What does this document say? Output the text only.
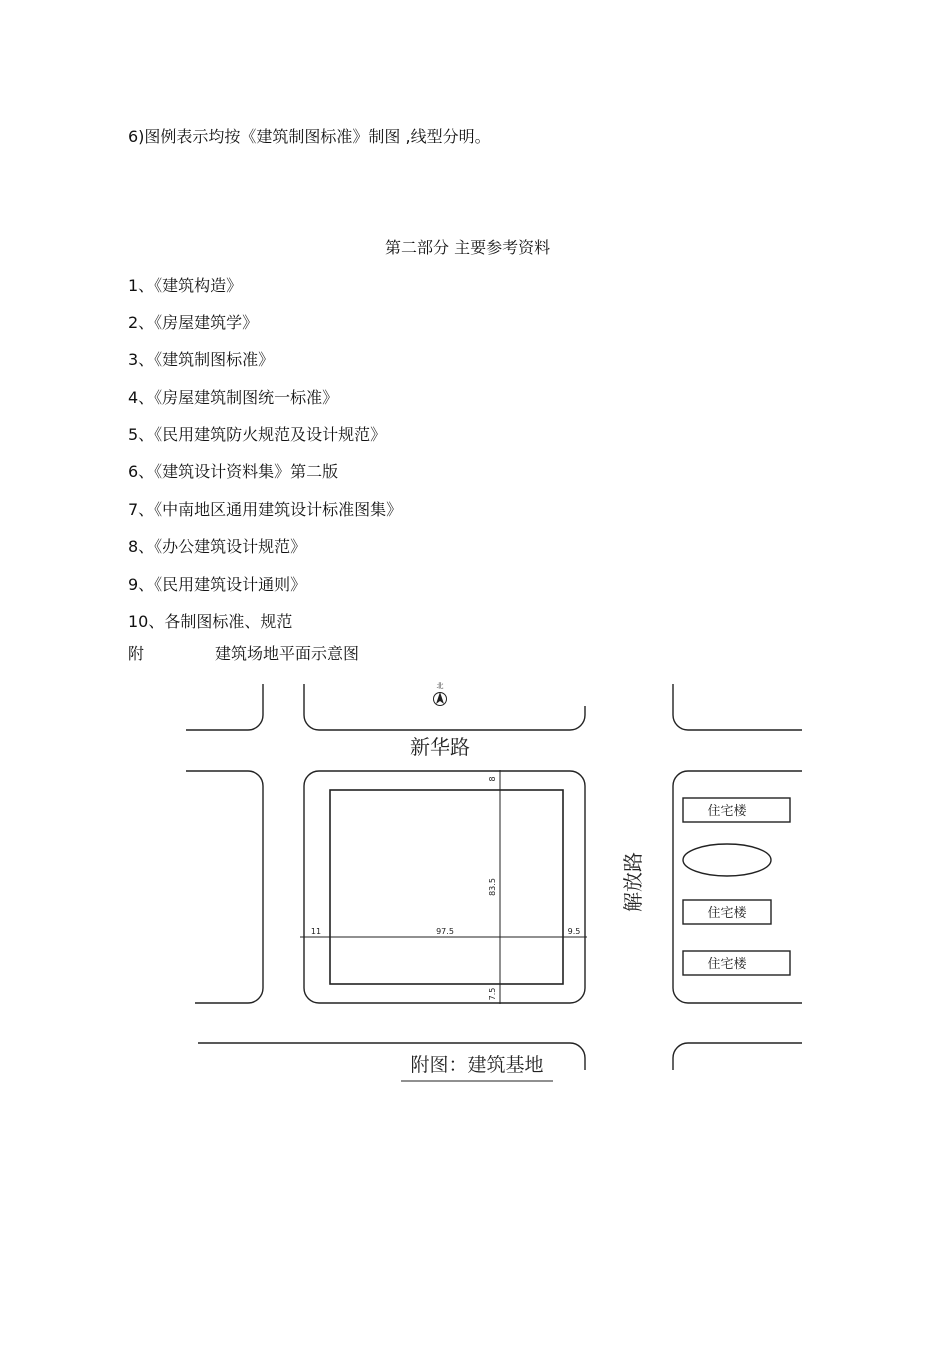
6)图例表示均按《建筑制图标准》制图 ,线型分明。
第二部分 主要参考资料
1、《建筑构造》
2、《房屋建筑学》
3、《建筑制图标准》
4、《房屋建筑制图统一标准》
5、《民用建筑防火规范及设计规范》
6、《建筑设计资料集》第二版
7、《中南地区通用建筑设计标准图集》
8、《办公建筑设计规范》
9、《民用建筑设计通则》
10、各制图标准、规范
附	建筑场地平面示意图
北
新华路
解放路
住宅楼
住宅楼
住宅楼
8
83.5
7.5
11	97.5	9.5
附图：建筑基地
